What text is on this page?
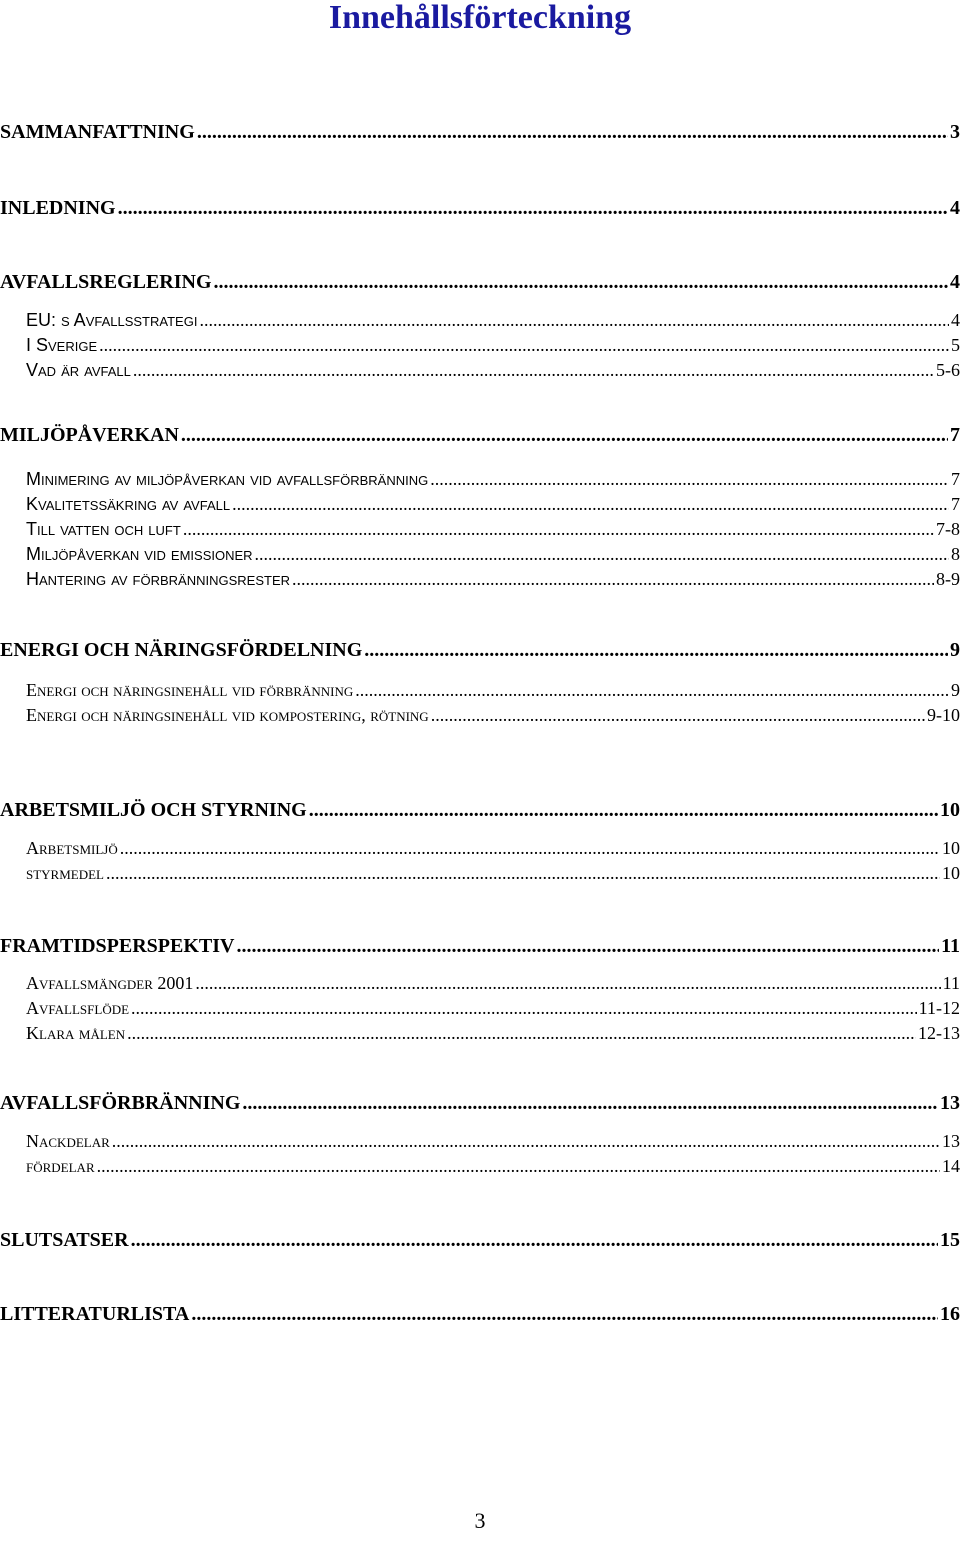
Innehållsförteckning
SAMMANFATTNING .....	3
INLEDNING .....	4
AVFALLSREGLERING .....	4
EU: s Avfallsstrategi .....	4
I Sverige .....	5
Vad är avfall .....	5-6
MILJÖPÅVERKAN .....	7
Minimering av miljöpåverkan vid avfallsförbränning .....	7
Kvalitetssäkring av avfall .....	7
Till vatten och luft .....	7-8
Miljöpåverkan vid emissioner .....	8
Hantering av förbränningsrester .....	8-9
ENERGI OCH NÄRINGSFÖRDELNING .....	9
Energi och näringsinehåll vid förbränning .....	9
Energi och näringsinehåll vid kompostering, rötning .....	9-10
ARBETSMILJÖ OCH STYRNING .....	10
Arbetsmiljö .....	10
styrmedel .....	10
FRAMTIDSPERSPEKTIV .....	11
Avfallsmängder 2001 .....	11
Avfallsflöde .....	11-12
Klara målen .....	12-13
AVFALLSFÖRBRÄNNING .....	13
Nackdelar .....	13
fördelar .....	14
SLUTSATSER .....	15
LITTERATURLISTA .....	16
3
